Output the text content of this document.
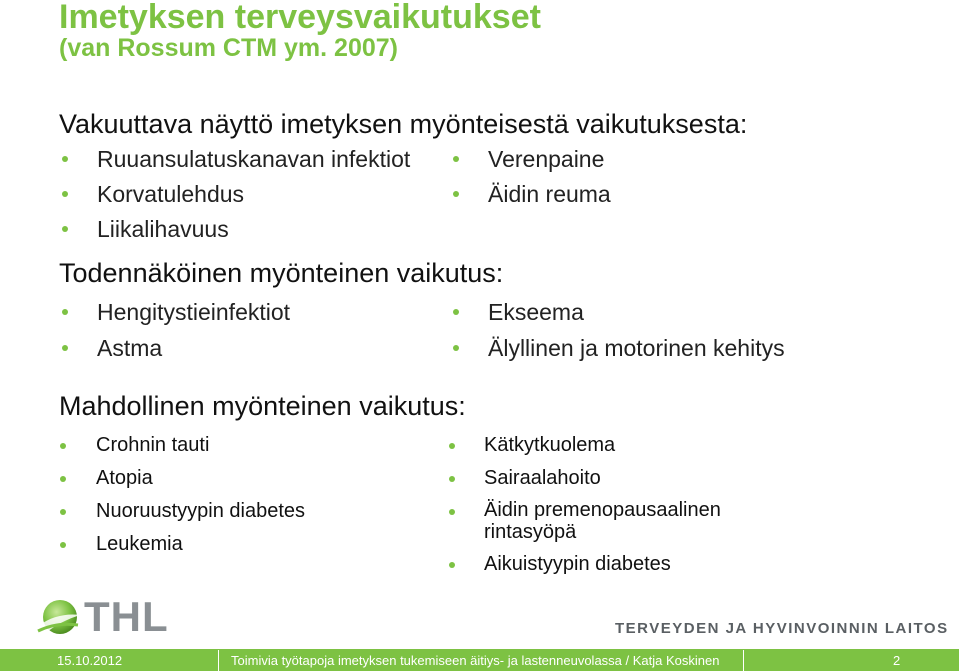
Imetyksen terveysvaikutukset
(van Rossum CTM ym. 2007)
Vakuuttava näyttö imetyksen myönteisestä vaikutuksesta:
Ruuansulatuskanavan infektiot
Korvatulehdus
Liikalihavuus
Verenpaine
Äidin reuma
Todennäköinen myönteinen vaikutus:
Hengitystieinfektiot
Astma
Ekseema
Älyllinen ja motorinen kehitys
Mahdollinen myönteinen vaikutus:
Crohnin tauti
Atopia
Nuoruustyypin diabetes
Leukemia
Kätkytkuolema
Sairaalahoito
Äidin premenopausaalinen rintasyöpä
Aikuistyypin diabetes
THL	TERVEYDEN JA HYVINVOINNIN LAITOS
15.10.2012	Toimivia työtapoja imetyksen tukemiseen äitiys- ja lastenneuvolassa / Katja Koskinen	2
